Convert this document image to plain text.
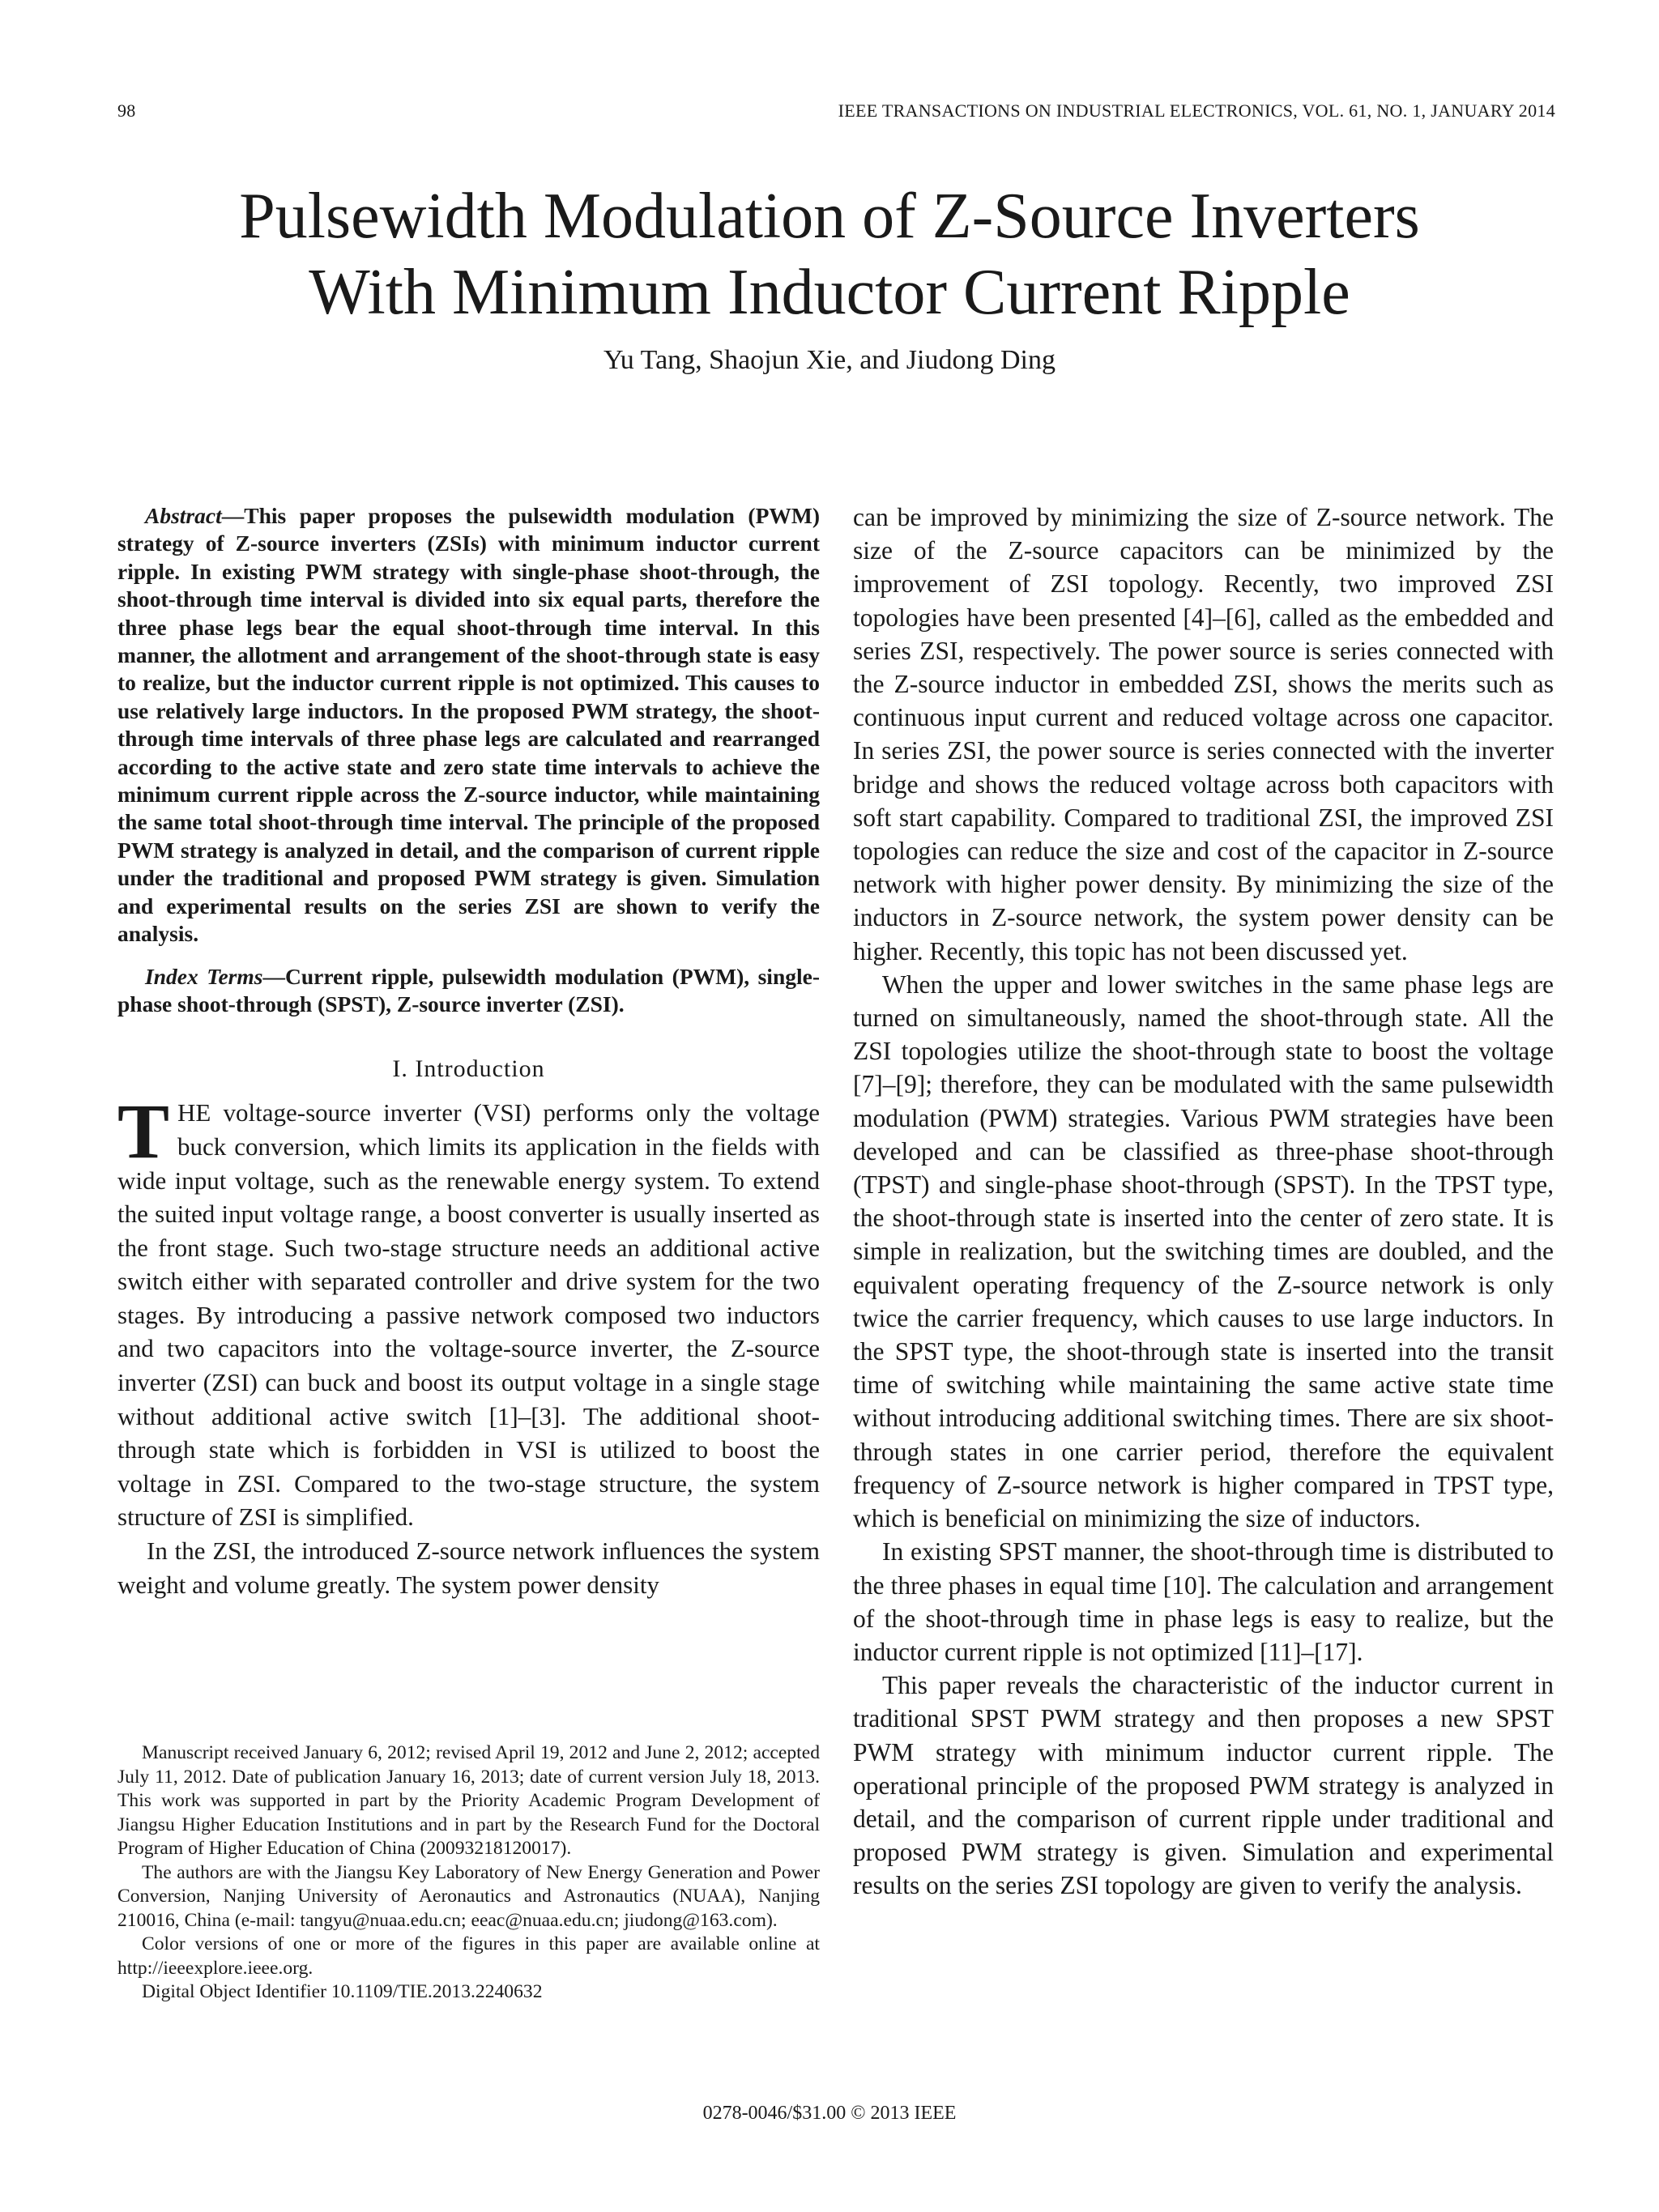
98	IEEE TRANSACTIONS ON INDUSTRIAL ELECTRONICS, VOL. 61, NO. 1, JANUARY 2014
Pulsewidth Modulation of Z-Source Inverters
With Minimum Inductor Current Ripple
Yu Tang, Shaojun Xie, and Jiudong Ding

Abstract—This paper proposes the pulsewidth modulation (PWM) strategy of Z-source inverters (ZSIs) with minimum inductor current ripple. In existing PWM strategy with single-phase shoot-through, the shoot-through time interval is divided into six equal parts, therefore the three phase legs bear the equal shoot-through time interval. In this manner, the allotment and arrangement of the shoot-through state is easy to realize, but the inductor current ripple is not optimized. This causes to use relatively large inductors. In the proposed PWM strategy, the shoot-through time intervals of three phase legs are calculated and rearranged according to the active state and zero state time intervals to achieve the minimum current ripple across the Z-source inductor, while maintaining the same total shoot-through time interval. The principle of the proposed PWM strategy is analyzed in detail, and the comparison of current ripple under the traditional and proposed PWM strategy is given. Simulation and experimental results on the series ZSI are shown to verify the analysis.

Index Terms—Current ripple, pulsewidth modulation (PWM), single-phase shoot-through (SPST), Z-source inverter (ZSI).

I. Introduction

THE voltage-source inverter (VSI) performs only the voltage buck conversion, which limits its application in the fields with wide input voltage, such as the renewable energy system. To extend the suited input voltage range, a boost converter is usually inserted as the front stage. Such two-stage structure needs an additional active switch either with separated controller and drive system for the two stages. By introducing a passive network composed two inductors and two capacitors into the voltage-source inverter, the Z-source inverter (ZSI) can buck and boost its output voltage in a single stage without additional active switch [1]–[3]. The additional shoot-through state which is forbidden in VSI is utilized to boost the voltage in ZSI. Compared to the two-stage structure, the system structure of ZSI is simplified.

In the ZSI, the introduced Z-source network influences the system weight and volume greatly. The system power density

Manuscript received January 6, 2012; revised April 19, 2012 and June 2, 2012; accepted July 11, 2012. Date of publication January 16, 2013; date of current version July 18, 2013. This work was supported in part by the Priority Academic Program Development of Jiangsu Higher Education Institutions and in part by the Research Fund for the Doctoral Program of Higher Education of China (20093218120017).

The authors are with the Jiangsu Key Laboratory of New Energy Generation and Power Conversion, Nanjing University of Aeronautics and Astronautics (NUAA), Nanjing 210016, China (e-mail: tangyu@nuaa.edu.cn; eeac@nuaa.edu.cn; jiudong@163.com).

Color versions of one or more of the figures in this paper are available online at http://ieeexplore.ieee.org.

Digital Object Identifier 10.1109/TIE.2013.2240632

can be improved by minimizing the size of Z-source network. The size of the Z-source capacitors can be minimized by the improvement of ZSI topology. Recently, two improved ZSI topologies have been presented [4]–[6], called as the embedded and series ZSI, respectively. The power source is series connected with the Z-source inductor in embedded ZSI, shows the merits such as continuous input current and reduced voltage across one capacitor. In series ZSI, the power source is series connected with the inverter bridge and shows the reduced voltage across both capacitors with soft start capability. Compared to traditional ZSI, the improved ZSI topologies can reduce the size and cost of the capacitor in Z-source network with higher power density. By minimizing the size of the inductors in Z-source network, the system power density can be higher. Recently, this topic has not been discussed yet.

When the upper and lower switches in the same phase legs are turned on simultaneously, named the shoot-through state. All the ZSI topologies utilize the shoot-through state to boost the voltage [7]–[9]; therefore, they can be modulated with the same pulsewidth modulation (PWM) strategies. Various PWM strategies have been developed and can be classified as three-phase shoot-through (TPST) and single-phase shoot-through (SPST). In the TPST type, the shoot-through state is inserted into the center of zero state. It is simple in realization, but the switching times are doubled, and the equivalent operating frequency of the Z-source network is only twice the carrier frequency, which causes to use large inductors. In the SPST type, the shoot-through state is inserted into the transit time of switching while maintaining the same active state time without introducing additional switching times. There are six shoot-through states in one carrier period, therefore the equivalent frequency of Z-source network is higher compared in TPST type, which is beneficial on minimizing the size of inductors.

In existing SPST manner, the shoot-through time is distributed to the three phases in equal time [10]. The calculation and arrangement of the shoot-through time in phase legs is easy to realize, but the inductor current ripple is not optimized [11]–[17].

This paper reveals the characteristic of the inductor current in traditional SPST PWM strategy and then proposes a new SPST PWM strategy with minimum inductor current ripple. The operational principle of the proposed PWM strategy is analyzed in detail, and the comparison of current ripple under traditional and proposed PWM strategy is given. Simulation and experimental results on the series ZSI topology are given to verify the analysis.

0278-0046/$31.00 © 2013 IEEE
